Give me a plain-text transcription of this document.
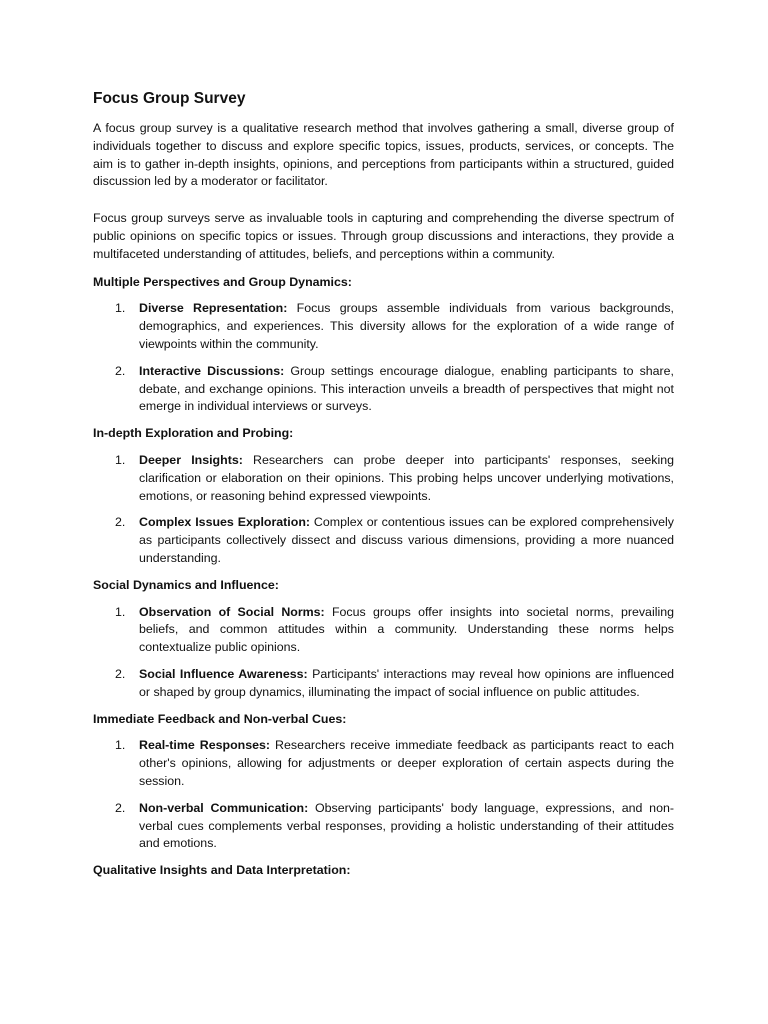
Focus Group Survey

A focus group survey is a qualitative research method that involves gathering a small, diverse group of individuals together to discuss and explore specific topics, issues, products, services, or concepts. The aim is to gather in-depth insights, opinions, and perceptions from participants within a structured, guided discussion led by a moderator or facilitator.

Focus group surveys serve as invaluable tools in capturing and comprehending the diverse spectrum of public opinions on specific topics or issues. Through group discussions and interactions, they provide a multifaceted understanding of attitudes, beliefs, and perceptions within a community.

Multiple Perspectives and Group Dynamics:
1. Diverse Representation: Focus groups assemble individuals from various backgrounds, demographics, and experiences. This diversity allows for the exploration of a wide range of viewpoints within the community.
2. Interactive Discussions: Group settings encourage dialogue, enabling participants to share, debate, and exchange opinions. This interaction unveils a breadth of perspectives that might not emerge in individual interviews or surveys.
In-depth Exploration and Probing:
1. Deeper Insights: Researchers can probe deeper into participants' responses, seeking clarification or elaboration on their opinions. This probing helps uncover underlying motivations, emotions, or reasoning behind expressed viewpoints.
2. Complex Issues Exploration: Complex or contentious issues can be explored comprehensively as participants collectively dissect and discuss various dimensions, providing a more nuanced understanding.
Social Dynamics and Influence:
1. Observation of Social Norms: Focus groups offer insights into societal norms, prevailing beliefs, and common attitudes within a community. Understanding these norms helps contextualize public opinions.
2. Social Influence Awareness: Participants' interactions may reveal how opinions are influenced or shaped by group dynamics, illuminating the impact of social influence on public attitudes.
Immediate Feedback and Non-verbal Cues:
1. Real-time Responses: Researchers receive immediate feedback as participants react to each other's opinions, allowing for adjustments or deeper exploration of certain aspects during the session.
2. Non-verbal Communication: Observing participants' body language, expressions, and non-verbal cues complements verbal responses, providing a holistic understanding of their attitudes and emotions.
Qualitative Insights and Data Interpretation:
